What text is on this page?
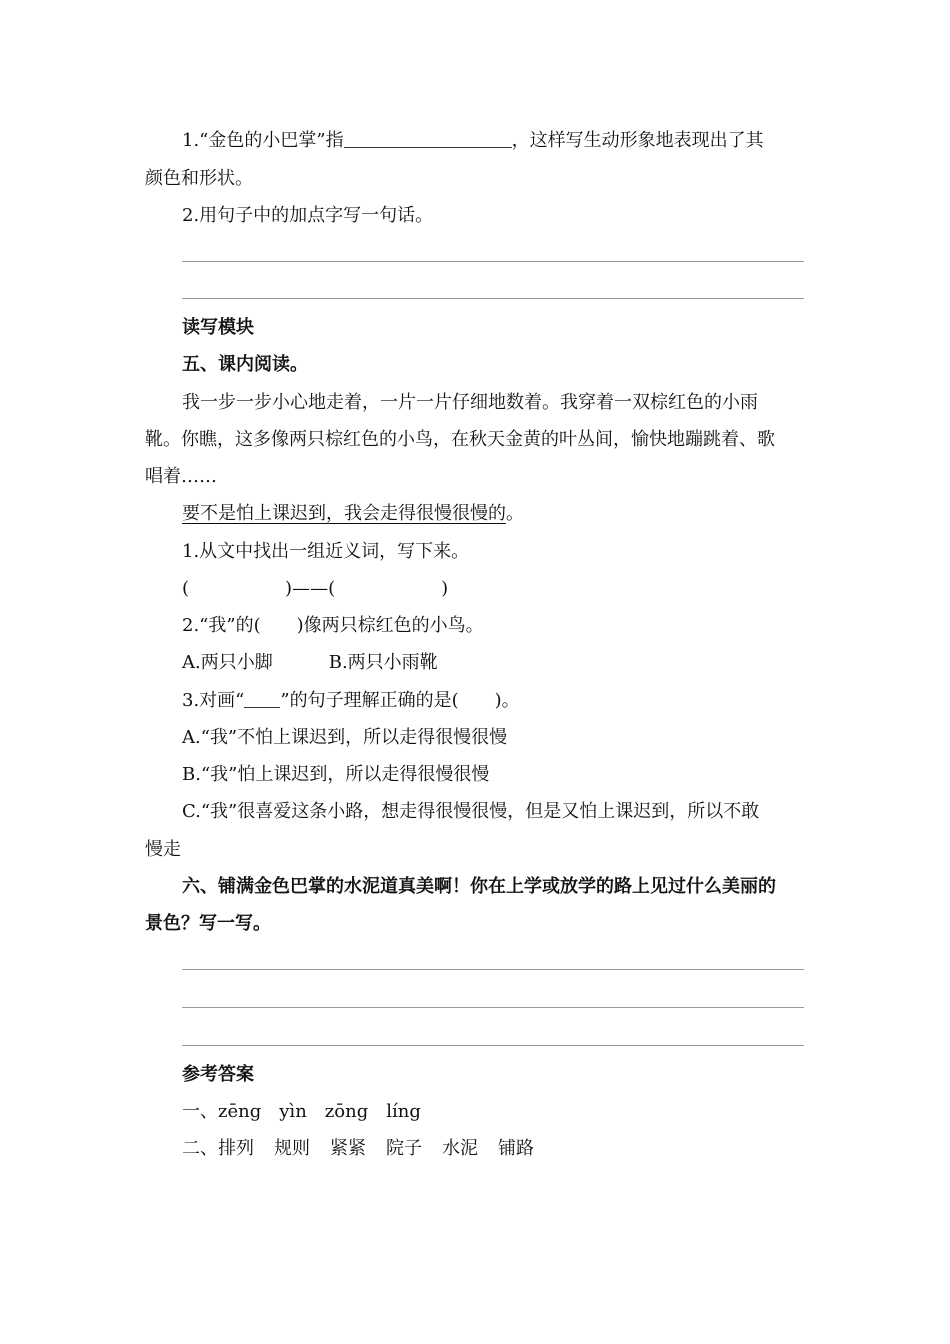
1.“金色的小巴掌”指	，这样写生动形象地表现出了其
颜色和形状。
2.用句子中的加点字写一句话。
读写模块
五、课内阅读。
我一步一步小心地走着，一片一片仔细地数着。我穿着一双棕红色的小雨
靴。你瞧，这多像两只棕红色的小鸟，在秋天金黄的叶丛间，愉快地蹦跳着、歌
唱着……
要不是怕上课迟到，我会走得很慢很慢的。
1.从文中找出一组近义词，写下来。
(	)——(	)
2.“我”的(　　)像两只棕红色的小鸟。
A.两只小脚	B.两只小雨靴
3.对画“ ”的句子理解正确的是(　　)。
A.“我”不怕上课迟到，所以走得很慢很慢
B.“我”怕上课迟到，所以走得很慢很慢
C.“我”很喜爱这条小路，想走得很慢很慢，但是又怕上课迟到，所以不敢
慢走
六、铺满金色巴掌的水泥道真美啊！你在上学或放学的路上见过什么美丽的
景色？写一写。
参考答案
一、zēng yìn zōng líng
二、排列 规则 紧紧 院子 水泥 铺路
